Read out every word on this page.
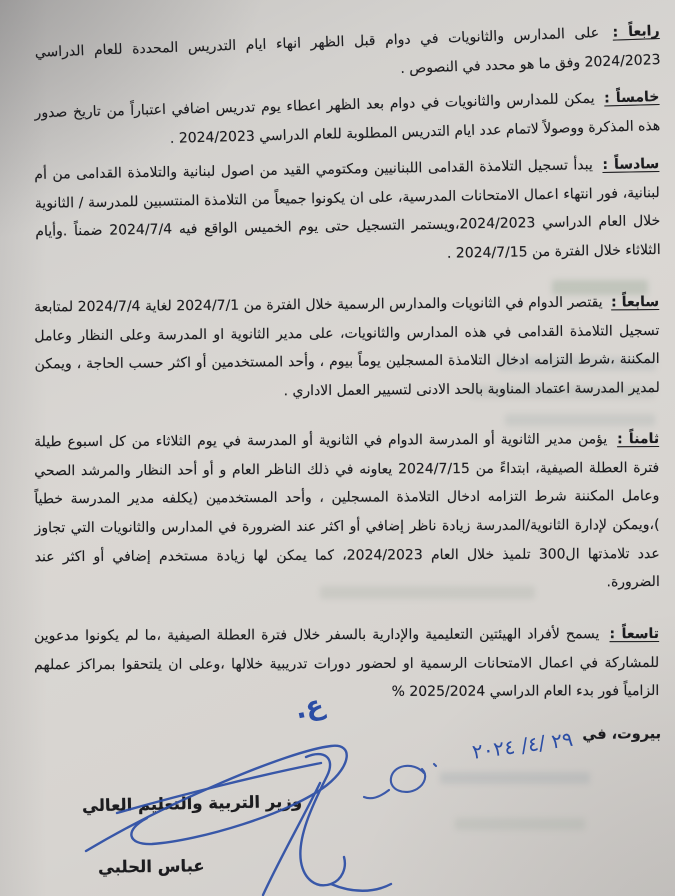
رابعاً : على المدارس والثانويات في دوام قبل الظهر انهاء ايام التدريس المحددة للعام الدراسي 2024/2023 وفق ما هو محدد في النصوص .

خامساً : يمكن للمدارس والثانويات في دوام بعد الظهر اعطاء يوم تدريس اضافي اعتباراً من تاريخ صدور هذه المذكرة ووصولاً لاتمام عدد ايام التدريس المطلوبة للعام الدراسي 2024/2023 .

سادساً : يبدأ تسجيل التلامذة القدامى اللبنانيين ومكتومي القيد من اصول لبنانية والتلامذة القدامى من أم لبنانية، فور انتهاء اعمال الامتحانات المدرسية، على ان يكونوا جميعاً من التلامذة المنتسبين للمدرسة / الثانوية خلال العام الدراسي 2024/2023،ويستمر التسجيل حتى يوم الخميس الواقع فيه 2024/7/4 ضمناً .وأيام الثلاثاء خلال الفترة من 2024/7/15 .

سابعاً : يقتصر الدوام في الثانويات والمدارس الرسمية خلال الفترة من 2024/7/1 لغاية 2024/7/4 لمتابعة تسجيل التلامذة القدامى في هذه المدارس والثانويات، على مدير الثانوية او المدرسة وعلى النظار وعامل المكننة ،شرط التزامه ادخال التلامذة المسجلين يوماً بيوم ، وأحد المستخدمين أو اكثر حسب الحاجة ، ويمكن لمدير المدرسة اعتماد المناوبة بالحد الادنى لتسيير العمل الاداري .

ثامناً : يؤمن مدير الثانوية أو المدرسة الدوام في الثانوية أو المدرسة في يوم الثلاثاء من كل اسبوع طيلة فترة العطلة الصيفية، ابتداءً من 2024/7/15 يعاونه في ذلك الناظر العام و أو أحد النظار والمرشد الصحي وعامل المكننة شرط التزامه ادخال التلامذة المسجلين ، وأحد المستخدمين (يكلفه مدير المدرسة خطياً )،ويمكن لإدارة الثانوية/المدرسة زيادة ناظر إضافي أو اكثر عند الضرورة في المدارس والثانويات التي تجاوز عدد تلامذتها ال300 تلميذ خلال العام 2024/2023، كما يمكن لها زيادة مستخدم إضافي أو اكثر عند الضرورة.

تاسعاً : يسمح لأفراد الهيئتين التعليمية والإدارية بالسفر خلال فترة العطلة الصيفية ،ما لم يكونوا مدعوين للمشاركة في اعمال الامتحانات الرسمية او لحضور دورات تدريبية خلالها ،وعلى ان يلتحقوا بمراكز عملهم الزامياً فور بدء العام الدراسي 2025/2024 %

ع.
بيروت، في
٢٩ /٤/ ٢٠٢٤
وزير التربية والتعليم العالي
عباس الحلبي
